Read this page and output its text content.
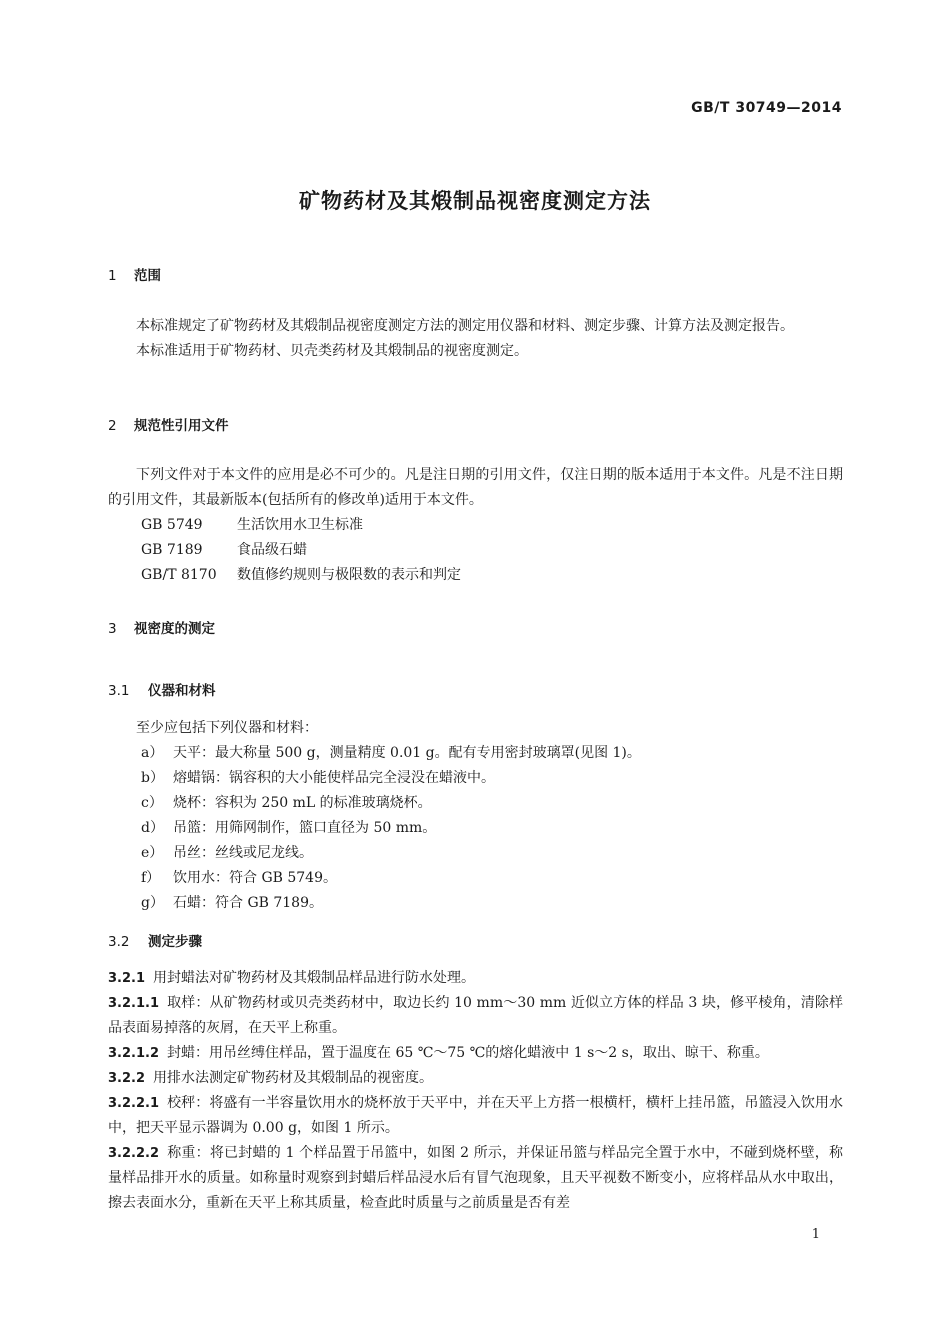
GB/T 30749—2014
矿物药材及其煅制品视密度测定方法
1 范围

本标准规定了矿物药材及其煅制品视密度测定方法的测定用仪器和材料、测定步骤、计算方法及测定报告。

本标准适用于矿物药材、贝壳类药材及其煅制品的视密度测定。

2 规范性引用文件

下列文件对于本文件的应用是必不可少的。凡是注日期的引用文件，仅注日期的版本适用于本文件。凡是不注日期的引用文件，其最新版本(包括所有的修改单)适用于本文件。

GB 5749 生活饮用水卫生标准

GB 7189 食品级石蜡

GB/T 8170 数值修约规则与极限数的表示和判定

3 视密度的测定
3.1 仪器和材料

至少应包括下列仪器和材料：

a） 天平：最大称量 500 g，测量精度 0.01 g。配有专用密封玻璃罩(见图 1)。

b） 熔蜡锅：锅容积的大小能使样品完全浸没在蜡液中。

c） 烧杯：容积为 250 mL 的标准玻璃烧杯。

d） 吊篮：用筛网制作，篮口直径为 50 mm。

e） 吊丝：丝线或尼龙线。

f） 饮用水：符合 GB 5749。

g） 石蜡：符合 GB 7189。

3.2 测定步骤

3.2.1 用封蜡法对矿物药材及其煅制品样品进行防水处理。

3.2.1.1 取样：从矿物药材或贝壳类药材中，取边长约 10 mm～30 mm 近似立方体的样品 3 块，修平棱角，清除样品表面易掉落的灰屑，在天平上称重。

3.2.1.2 封蜡：用吊丝缚住样品，置于温度在 65 ℃～75 ℃的熔化蜡液中 1 s～2 s，取出、晾干、称重。

3.2.2 用排水法测定矿物药材及其煅制品的视密度。

3.2.2.1 校秤：将盛有一半容量饮用水的烧杯放于天平中，并在天平上方搭一根横杆，横杆上挂吊篮，吊篮浸入饮用水中，把天平显示器调为 0.00 g，如图 1 所示。

3.2.2.2 称重：将已封蜡的 1 个样品置于吊篮中，如图 2 所示，并保证吊篮与样品完全置于水中，不碰到烧杯壁，称量样品排开水的质量。如称量时观察到封蜡后样品浸水后有冒气泡现象，且天平视数不断变小，应将样品从水中取出，擦去表面水分，重新在天平上称其质量，检查此时质量与之前质量是否有差

1
